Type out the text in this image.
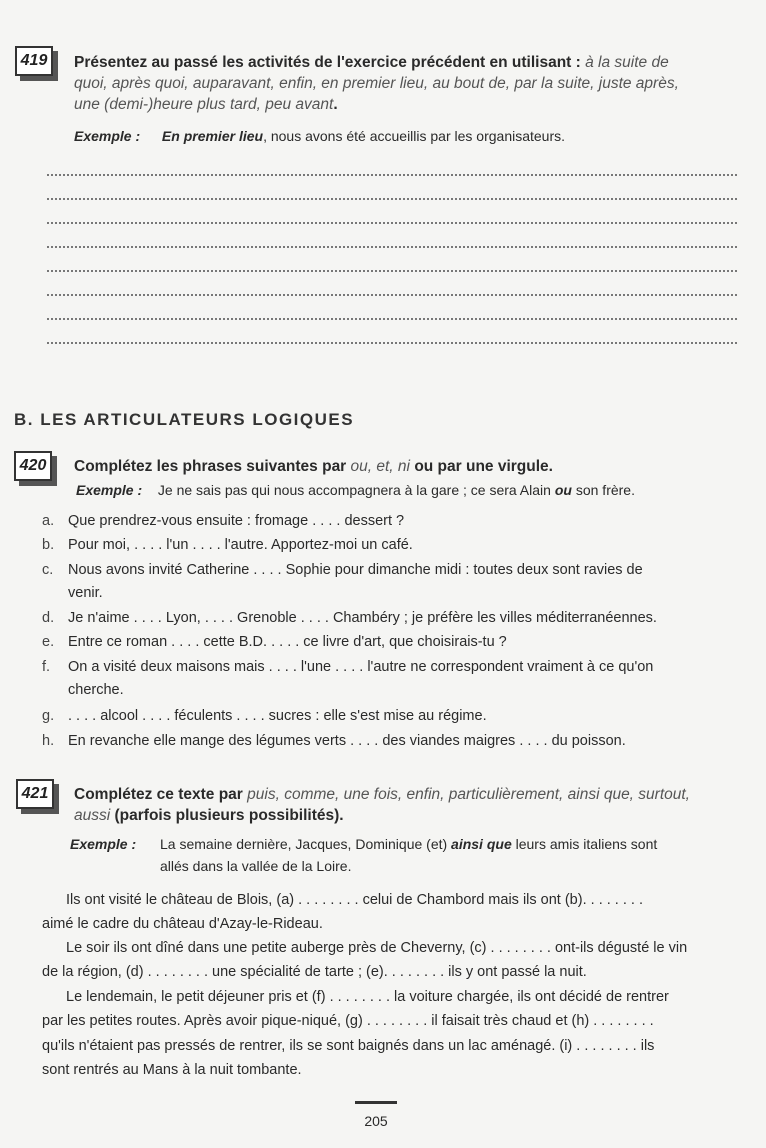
419	Présentez au passé les activités de l'exercice précédent en utilisant : à la suite de
quoi, après quoi, auparavant, enfin, en premier lieu, au bout de, par la suite, juste après,
une (demi-)heure plus tard, peu avant.
Exemple : En premier lieu, nous avons été accueillis par les organisateurs.
B. LES ARTICULATEURS LOGIQUES
420	Complétez les phrases suivantes par ou, et, ni ou par une virgule.
Exemple : Je ne sais pas qui nous accompagnera à la gare ; ce sera Alain ou son frère.
a. Que prendrez-vous ensuite : fromage . . . . dessert ?
b. Pour moi, . . . . l'un . . . . l'autre. Apportez-moi un café.
c.	Nous avons invité Catherine . . . . Sophie pour dimanche midi : toutes deux sont ravies de
venir.
d. Je n'aime . . . . Lyon, . . . . Grenoble . . . . Chambéry ; je préfère les villes méditerranéennes.
e. Entre ce roman . . . . cette B.D. . . . . ce livre d'art, que choisirais-tu ?
f.	On a visité deux maisons mais . . . . l'une . . . . l'autre ne correspondent vraiment à ce qu'on
cherche.
g. . . . . alcool . . . . féculents . . . . sucres : elle s'est mise au régime.
h. En revanche elle mange des légumes verts . . . . des viandes maigres . . . . du poisson.
421	Complétez ce texte par puis, comme, une fois, enfin, particulièrement, ainsi que, surtout,
aussi (parfois plusieurs possibilités).
Exemple : La semaine dernière, Jacques, Dominique (et) ainsi que leurs amis italiens sont
allés dans la vallée de la Loire.
Ils ont visité le château de Blois, (a) . . . . . . . . celui de Chambord mais ils ont (b). . . . . . . .
aimé le cadre du château d'Azay-le-Rideau.
Le soir ils ont dîné dans une petite auberge près de Cheverny, (c) . . . . . . . . ont-ils dégusté le vin
de la région, (d) . . . . . . . . une spécialité de tarte ; (e). . . . . . . . ils y ont passé la nuit.
Le lendemain, le petit déjeuner pris et (f) . . . . . . . . la voiture chargée, ils ont décidé de rentrer
par les petites routes. Après avoir pique-niqué, (g) . . . . . . . . il faisait très chaud et (h) . . . . . . . .
qu'ils n'étaient pas pressés de rentrer, ils se sont baignés dans un lac aménagé. (i) . . . . . . . . ils
sont rentrés au Mans à la nuit tombante.
205
